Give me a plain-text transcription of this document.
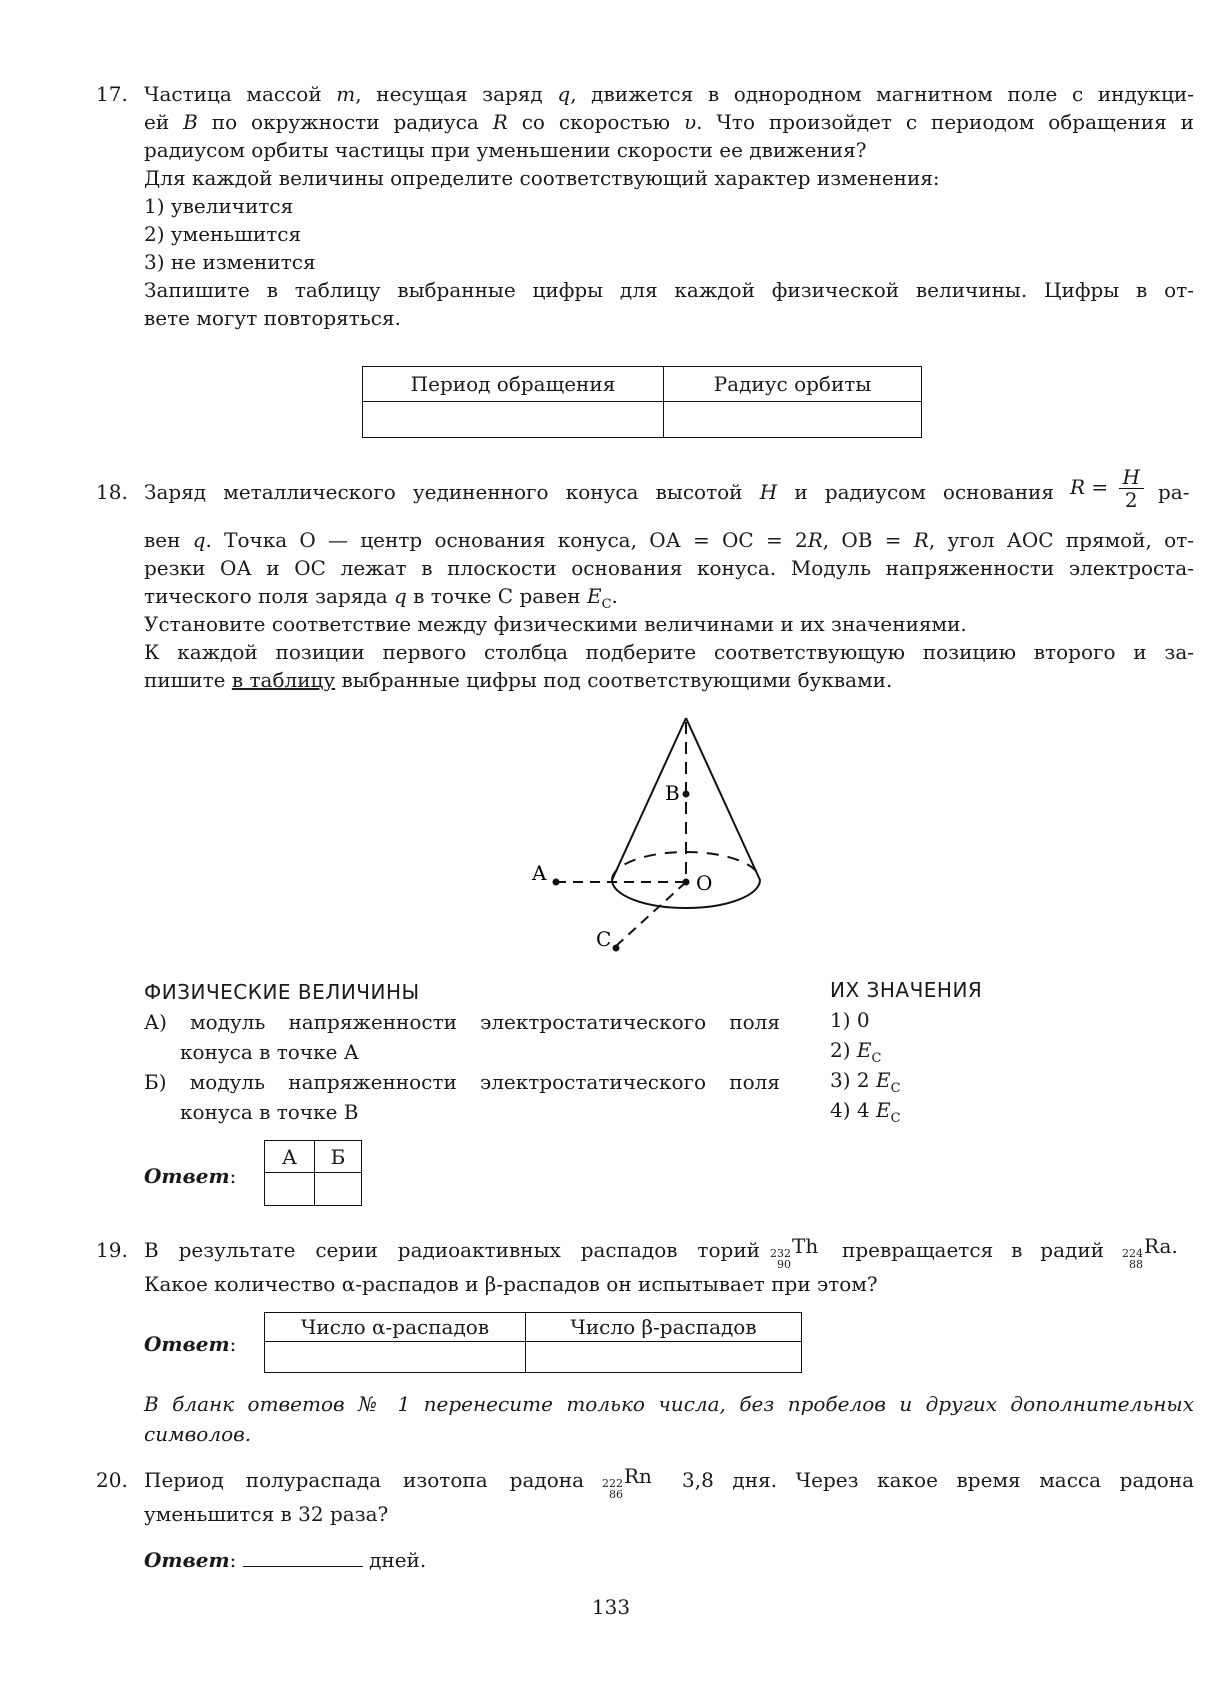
17. Частица массой m, несущая заряд q, движется в однородном магнитном поле с индукци-
ей B по окружности радиуса R со скоростью υ. Что произойдет с периодом обращения и
радиусом орбиты частицы при уменьшении скорости ее движения?
Для каждой величины определите соответствующий характер изменения:
1) увеличится
2) уменьшится
3) не изменится
Запишите в таблицу выбранные цифры для каждой физической величины. Цифры в от-
вете могут повторяться.
Период обращения	Радиус орбиты

18. Заряд металлического уединенного конуса высотой H и радиусом основания $R = \frac{H}{2} ра-$
вен q. Точка О — центр основания конуса, ОА = ОС = 2R, ОВ = R, угол АОС прямой, от-
резки ОА и ОС лежат в плоскости основания конуса. Модуль напряженности электроста-
тического поля заряда q в точке С равен $E_C$.
Установите соответствие между физическими величинами и их значениями.
К каждой позиции первого столбца подберите соответствующую позицию второго и за-
пишите в таблицу выбранные цифры под соответствующими буквами.
B
A	O
C
ФИЗИЧЕСКИЕ ВЕЛИЧИНЫ
А) модуль напряженности электростатического поля
конуса в точке А
Б) модуль напряженности электростатического поля
конуса в точке В
ИХ ЗНАЧЕНИЯ
1) 0
2) $E_C$
3) 2 $E_C$
4) 4 $E_C$
Ответ:
А	Б

19. В результате серии радиоактивных распадов торий 232
90
Th превращается в радий 224
88
Ra.
Какое количество α-распадов и β-распадов он испытывает при этом?
Ответ:
Число α-распадов	Число β-распадов

В бланк ответов № 1 перенесите только числа, без пробелов и других дополнительных
символов.
20. Период полураспада изотопа радона 222
86
Rn 3,8 дня. Через какое время масса радона
уменьшится в 32 раза?
Ответ:	дней.
133
